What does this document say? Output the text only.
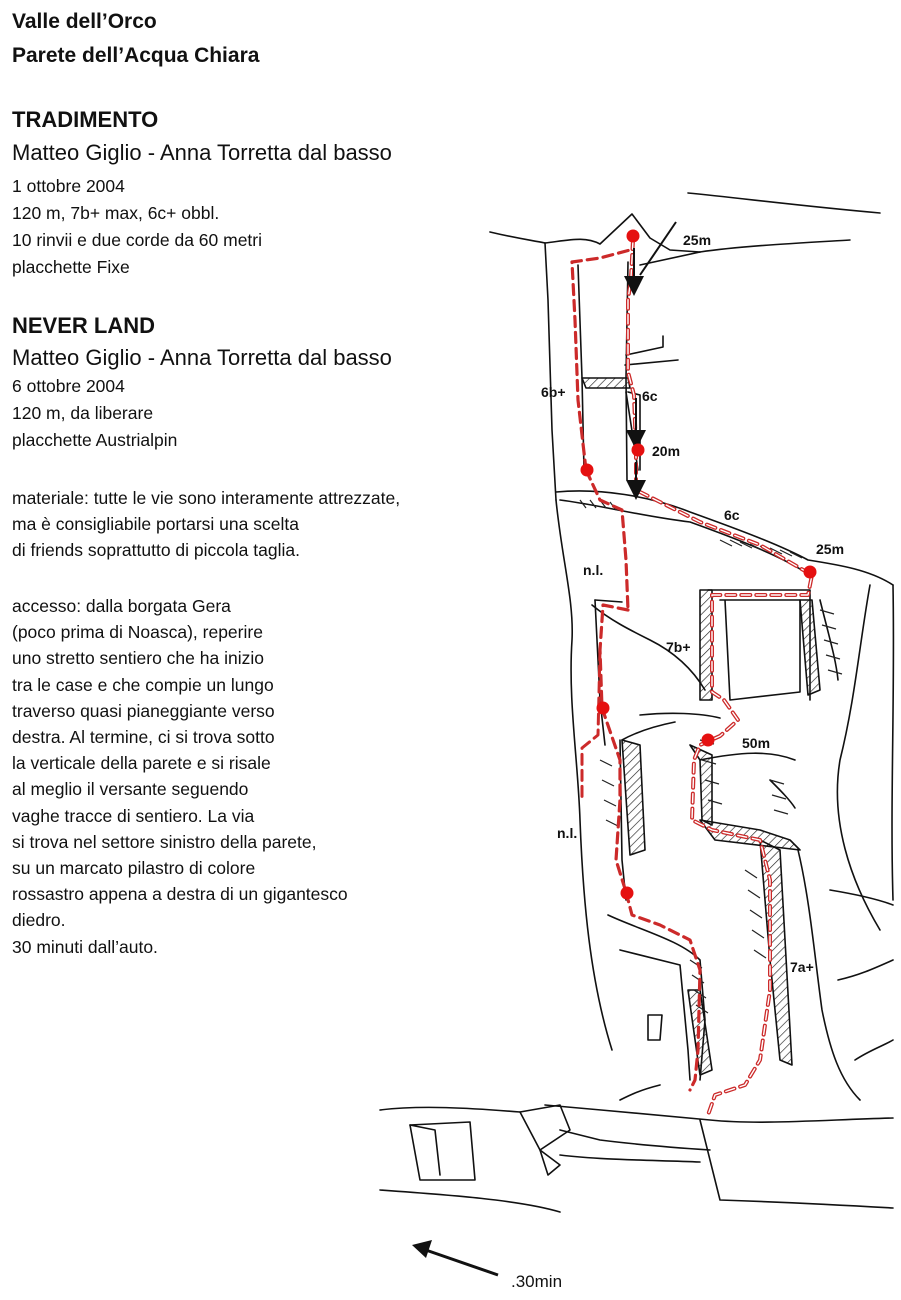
Valle dell’Orco
Parete dell’Acqua Chiara
TRADIMENTO
Matteo Giglio - Anna Torretta dal basso
1 ottobre 2004
120 m, 7b+ max, 6c+ obbl.
10 rinvii e due corde da 60 metri
placchette Fixe
NEVER LAND
Matteo Giglio - Anna Torretta dal basso
6 ottobre 2004
120 m, da liberare
placchette Austrialpin
materiale: tutte le vie sono interamente attrezzate,
ma è consigliabile portarsi una scelta
di friends soprattutto di piccola taglia.
accesso: dalla borgata Gera
(poco prima di Noasca), reperire
uno stretto sentiero che ha inizio
tra le case e che compie un lungo
traverso quasi pianeggiante verso
destra. Al termine, ci si trova sotto
la verticale della parete e si risale
al meglio il versante seguendo
vaghe tracce di sentiero. La via
si trova nel settore sinistro della parete,
su un marcato pilastro di colore
rossastro appena a destra di un gigantesco
diedro.
30 minuti dall’auto.
25m
6c
6b+
20m
6c
25m
n.l.
7b+
50m
n.l.
7a+
.30min
